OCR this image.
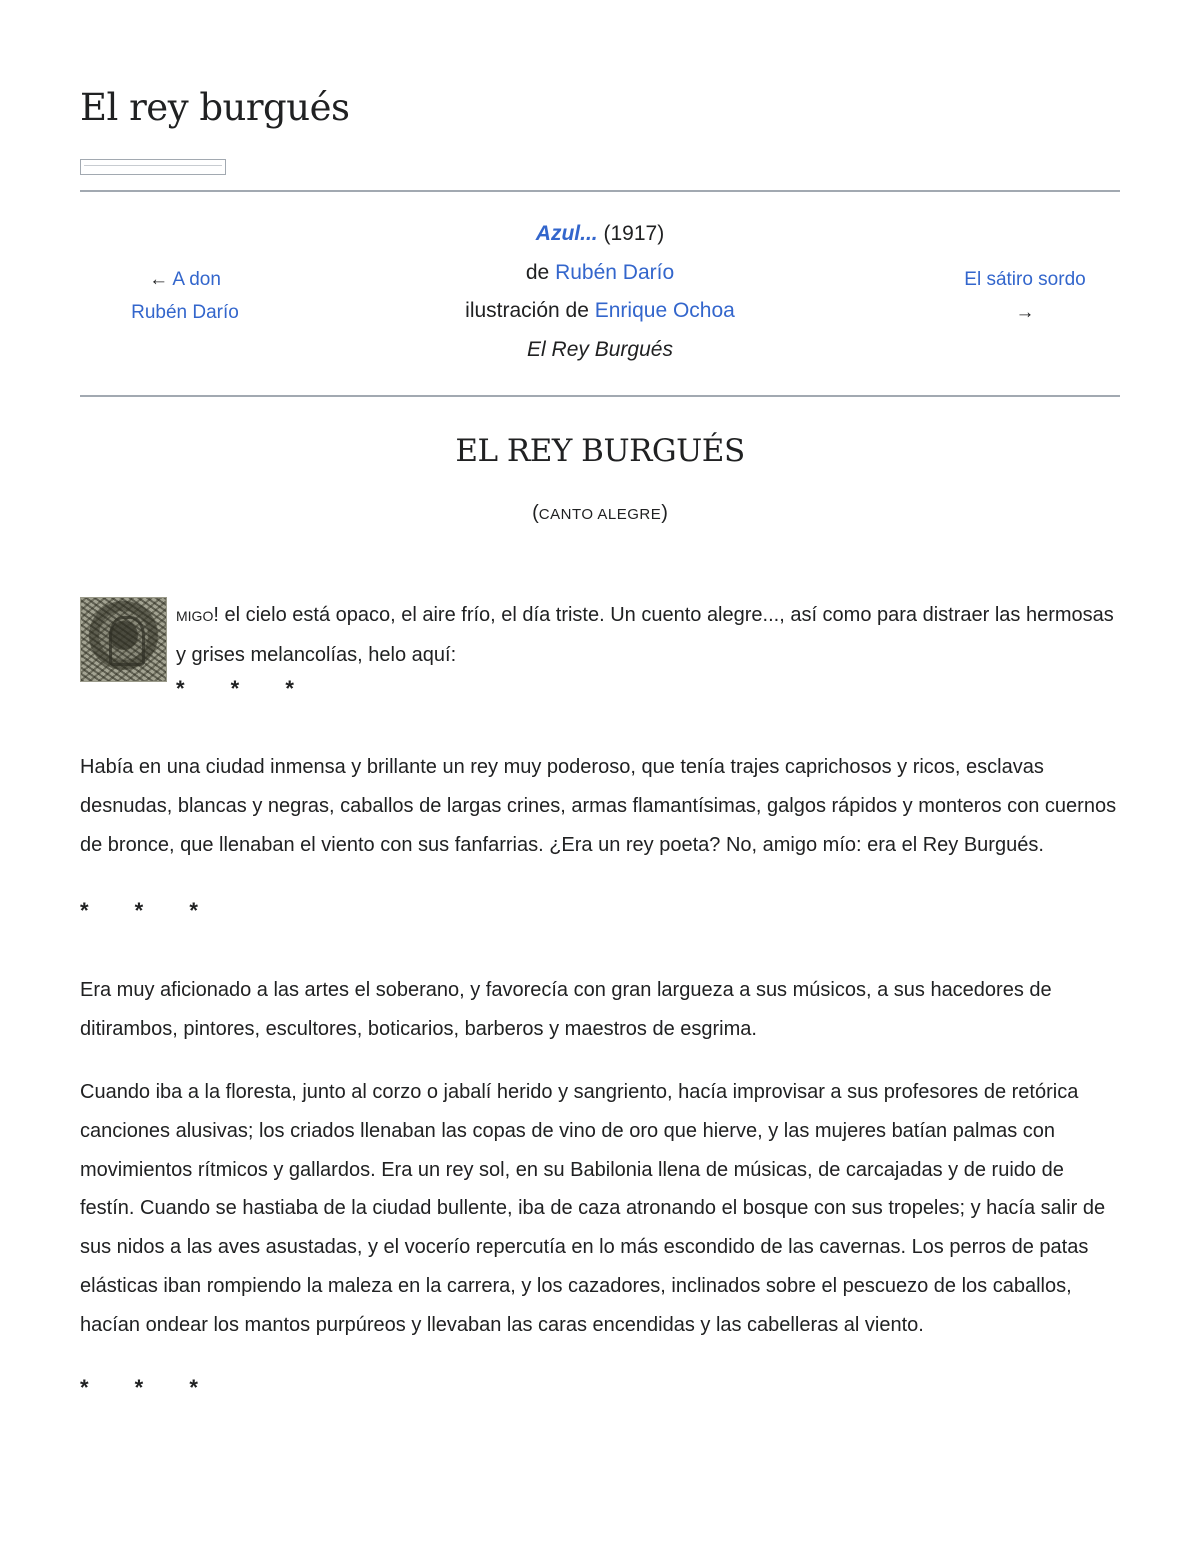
El rey burgués
← A don Rubén Darío
Azul... (1917)
de Rubén Darío
ilustración de Enrique Ochoa
El Rey Burgués
El sátiro sordo
→
EL REY BURGUÉS
(CANTO ALEGRE)
MIGO! el cielo está opaco, el aire frío, el día triste. Un cuento alegre..., así como para distraer las hermosas y grises melancolías, helo aquí:
* * *

Había en una ciudad inmensa y brillante un rey muy poderoso, que tenía trajes caprichosos y ricos, esclavas desnudas, blancas y negras, caballos de largas crines, armas flamantísimas, galgos rápidos y monteros con cuernos de bronce, que llenaban el viento con sus fanfarrias. ¿Era un rey poeta? No, amigo mío: era el Rey Burgués.

* * *

Era muy aficionado a las artes el soberano, y favorecía con gran largueza a sus músicos, a sus hacedores de ditirambos, pintores, escultores, boticarios, barberos y maestros de esgrima.

Cuando iba a la floresta, junto al corzo o jabalí herido y sangriento, hacía improvisar a sus profesores de retórica canciones alusivas; los criados llenaban las copas de vino de oro que hierve, y las mujeres batían palmas con movimientos rítmicos y gallardos. Era un rey sol, en su Babilonia llena de músicas, de carcajadas y de ruido de festín. Cuando se hastiaba de la ciudad bullente, iba de caza atronando el bosque con sus tropeles; y hacía salir de sus nidos a las aves asustadas, y el vocerío repercutía en lo más escondido de las cavernas. Los perros de patas elásticas iban rompiendo la maleza en la carrera, y los cazadores, inclinados sobre el pescuezo de los caballos, hacían ondear los mantos purpúreos y llevaban las caras encendidas y las cabelleras al viento.

* * *
